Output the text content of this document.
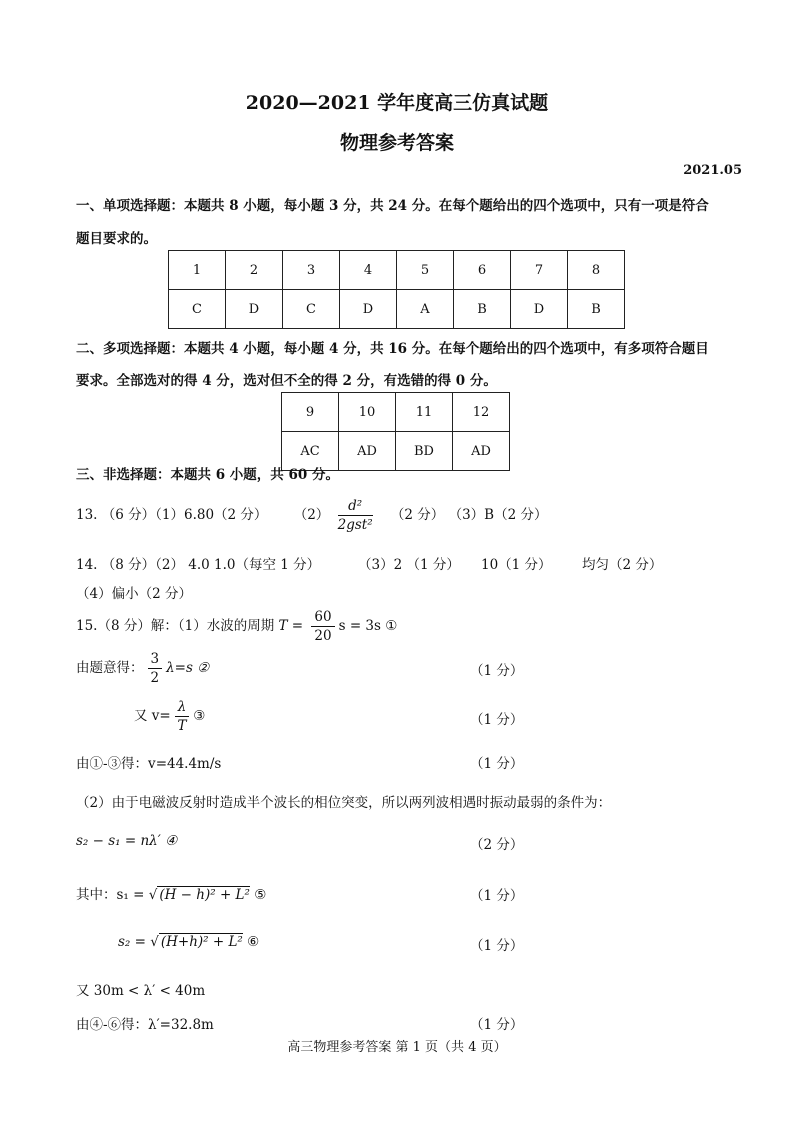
2020—2021 学年度高三仿真试题
物理参考答案
2021.05
一、单项选择题：本题共 8 小题，每小题 3 分，共 24 分。在每个题给出的四个选项中，只有一项是符合
题目要求的。
1	2	3	4	5	6	7	8
C	D	C	D	A	B	D	B
二、多项选择题：本题共 4 小题，每小题 4 分，共 16 分。在每个题给出的四个选项中，有多项符合题目
要求。全部选对的得 4 分，选对但不全的得 2 分，有选错的得 0 分。
9	10	11	12
AC	AD	BD	AD
三、非选择题：本题共 6 小题，共 60 分。
13. （6 分）（1）6.80（2 分） $(2) \frac{\text{d²}}{\text{2gst²}} (2$ 分） （3）B（2 分）
14. （8 分）（2） 4.0 1.0（每空 1 分）	（3）2 （1 分） 10（1 分） 均匀（2 分）
（4）偏小（2 分）
15.（8 分）解：（1）水波的周期 $T = \frac{60}{20}$ s = 3s ①
由题意得： $\frac{3}{2} \lambda=s$ ②	（1 分）
又 $v= \frac{\lambda}{T}$ ③	（1 分）
由①-③得：v=44.4m/s	（1 分）
（2）由于电磁波反射时造成半个波长的相位突变，所以两列波相遇时振动最弱的条件为：
s₂ − s₁ = nλ′ ④	（2 分）
其中：s₁ = √ (H − h)² + L² ⑤	（1 分）
s₂ = √ (H+h)² + L² ⑥	（1 分）
又 30m < λ′ < 40m
由④-⑥得：λ′=32.8m	（1 分）
高三物理参考答案 第 1 页（共 4 页）
